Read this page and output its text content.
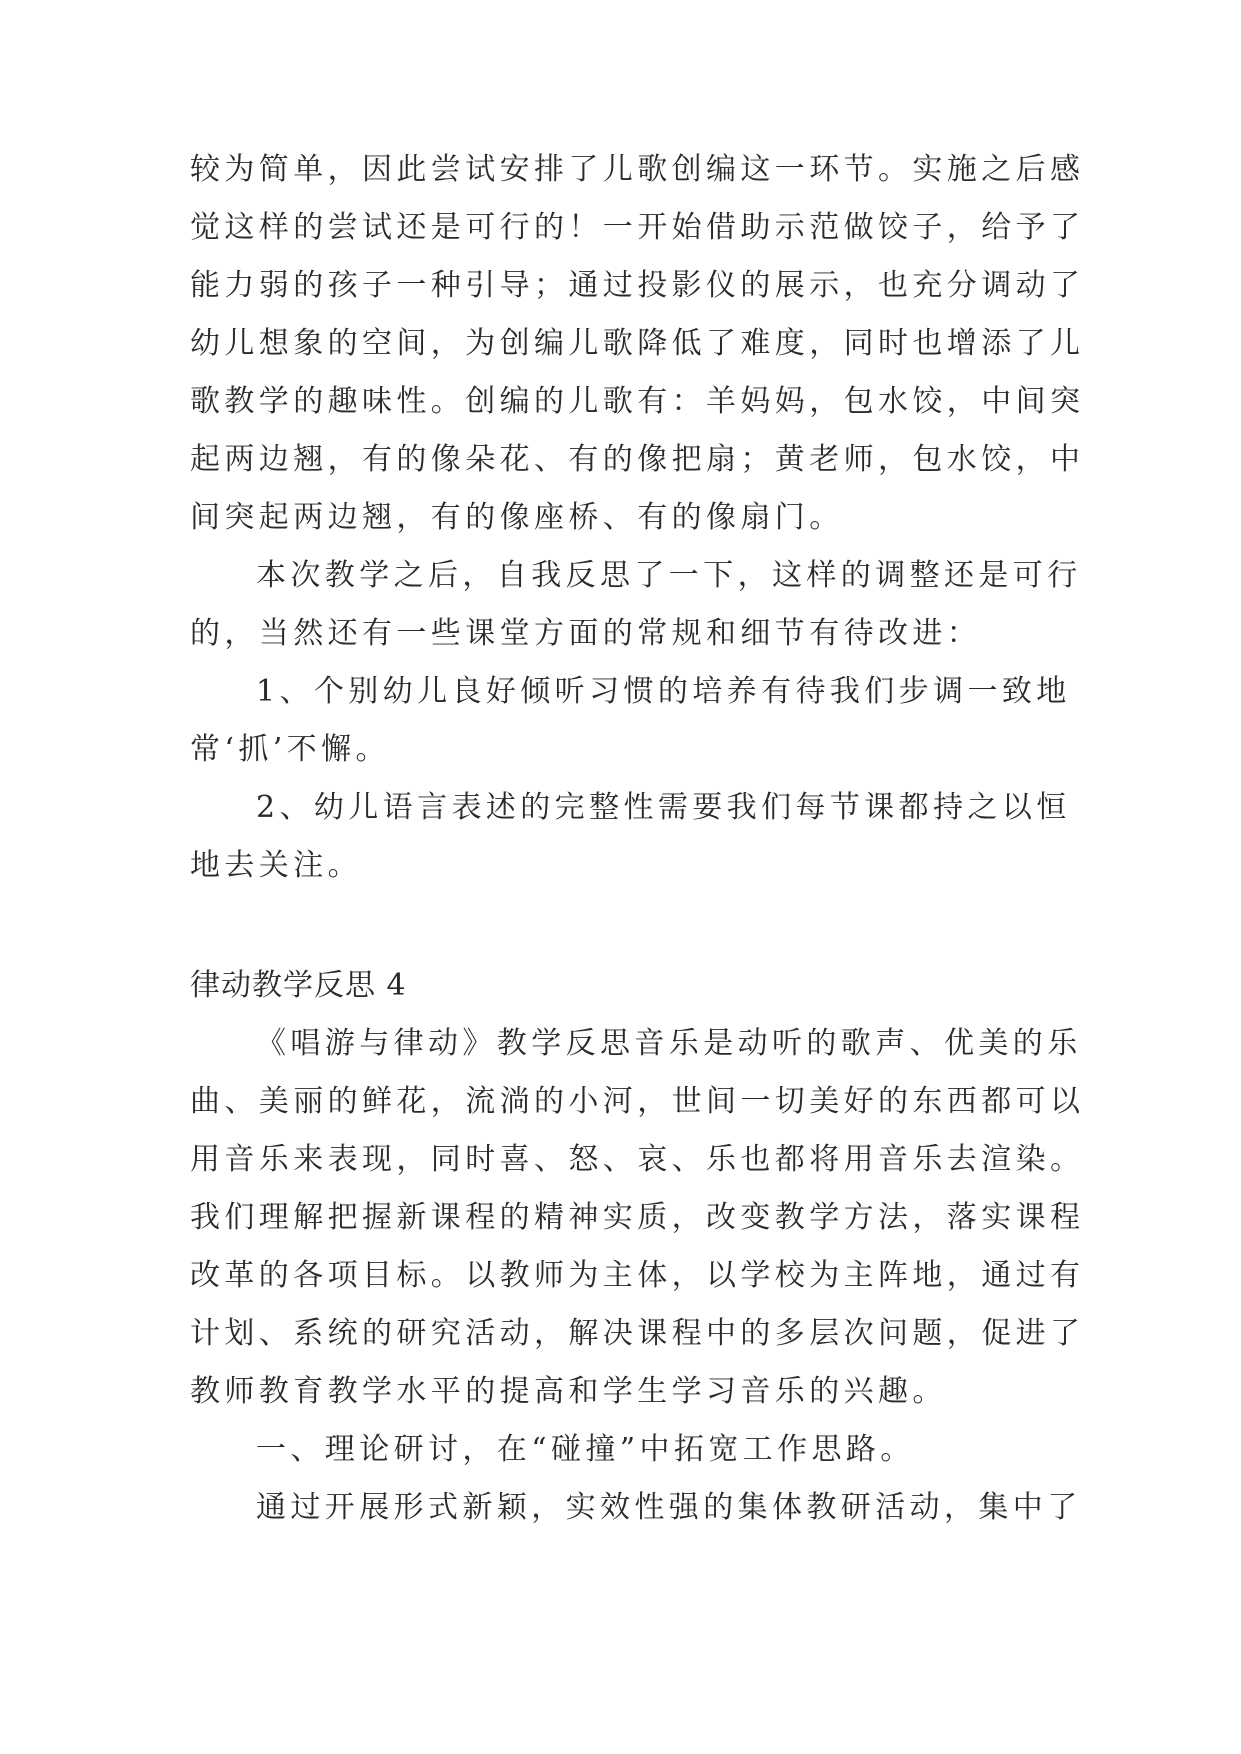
较为简单，因此尝试安排了儿歌创编这一环节。实施之后感
觉这样的尝试还是可行的！一开始借助示范做饺子，给予了
能力弱的孩子一种引导；通过投影仪的展示，也充分调动了
幼儿想象的空间，为创编儿歌降低了难度，同时也增添了儿
歌教学的趣味性。创编的儿歌有：羊妈妈，包水饺，中间突
起两边翘，有的像朵花、有的像把扇；黄老师，包水饺，中
间突起两边翘，有的像座桥、有的像扇门。
本次教学之后，自我反思了一下，这样的调整还是可行
的，当然还有一些课堂方面的常规和细节有待改进：
1、个别幼儿良好倾听习惯的培养有待我们步调一致地
常‘抓’不懈。
2、幼儿语言表述的完整性需要我们每节课都持之以恒
地去关注。
律动教学反思 4
《唱游与律动》教学反思音乐是动听的歌声、优美的乐
曲、美丽的鲜花，流淌的小河，世间一切美好的东西都可以
用音乐来表现，同时喜、怒、哀、乐也都将用音乐去渲染。
我们理解把握新课程的精神实质，改变教学方法，落实课程
改革的各项目标。以教师为主体，以学校为主阵地，通过有
计划、系统的研究活动，解决课程中的多层次问题，促进了
教师教育教学水平的提高和学生学习音乐的兴趣。
一、理论研讨，在“碰撞”中拓宽工作思路。
通过开展形式新颖，实效性强的集体教研活动，集中了
